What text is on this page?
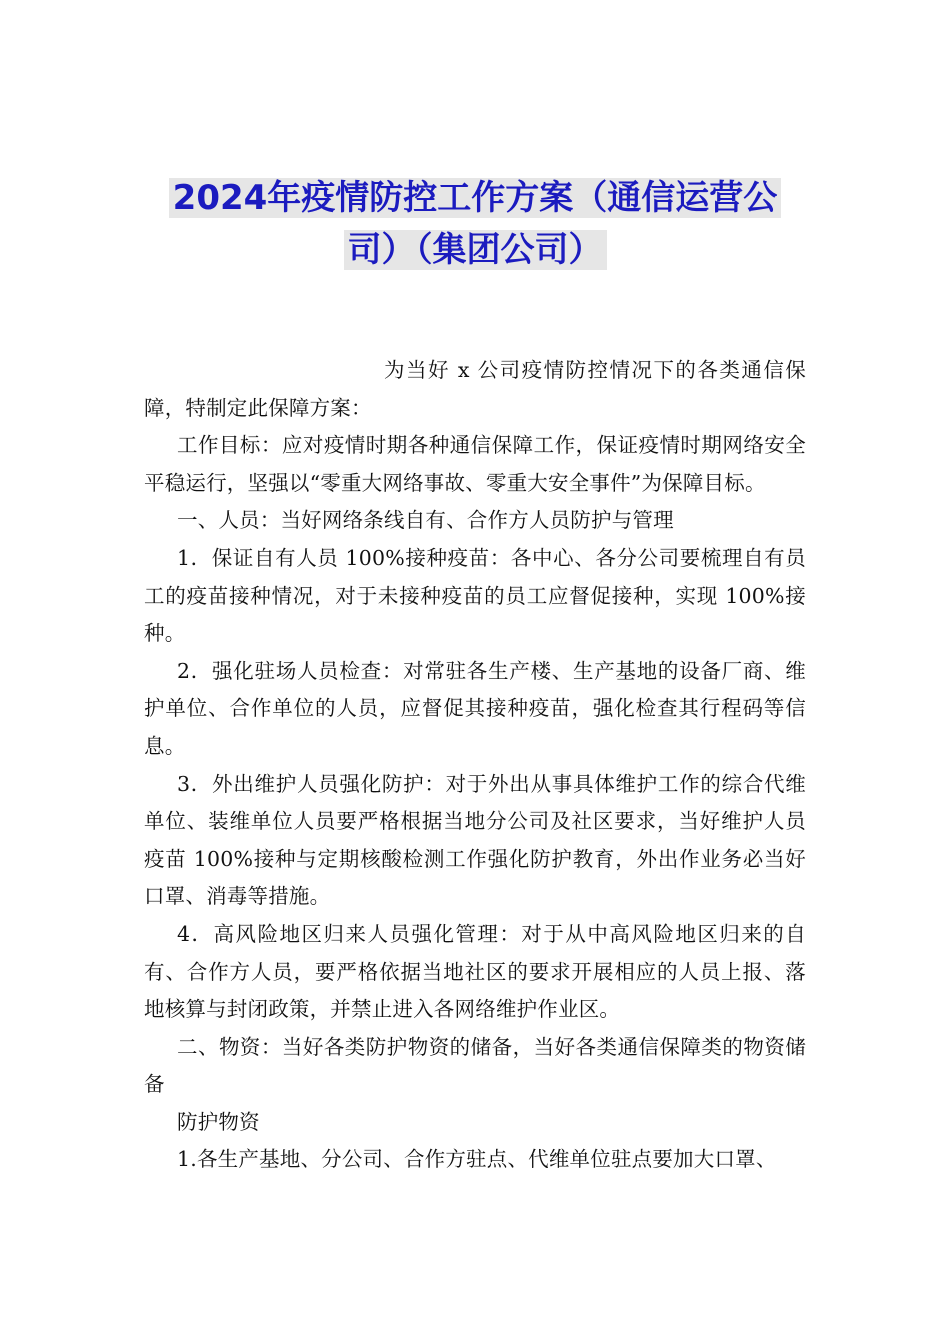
2024年疫情防控工作方案（通信运营公
司）（集团公司）

为当好 x 公司疫情防控情况下的各类通信保障，特制定此保障方案：

工作目标：应对疫情时期各种通信保障工作，保证疫情时期网络安全平稳运行，坚强以“零重大网络事故、零重大安全事件”为保障目标。

一、人员：当好网络条线自有、合作方人员防护与管理

1．保证自有人员 100%接种疫苗：各中心、各分公司要梳理自有员工的疫苗接种情况，对于未接种疫苗的员工应督促接种，实现 100%接种。

2．强化驻场人员检查：对常驻各生产楼、生产基地的设备厂商、维护单位、合作单位的人员，应督促其接种疫苗，强化检查其行程码等信息。

3．外出维护人员强化防护：对于外出从事具体维护工作的综合代维单位、装维单位人员要严格根据当地分公司及社区要求，当好维护人员疫苗 100%接种与定期核酸检测工作强化防护教育，外出作业务必当好口罩、消毒等措施。

4．高风险地区归来人员强化管理：对于从中高风险地区归来的自有、合作方人员，要严格依据当地社区的要求开展相应的人员上报、落地核算与封闭政策，并禁止进入各网络维护作业区。

二、物资：当好各类防护物资的储备，当好各类通信保障类的物资储备

防护物资

1.各生产基地、分公司、合作方驻点、代维单位驻点要加大口罩、
